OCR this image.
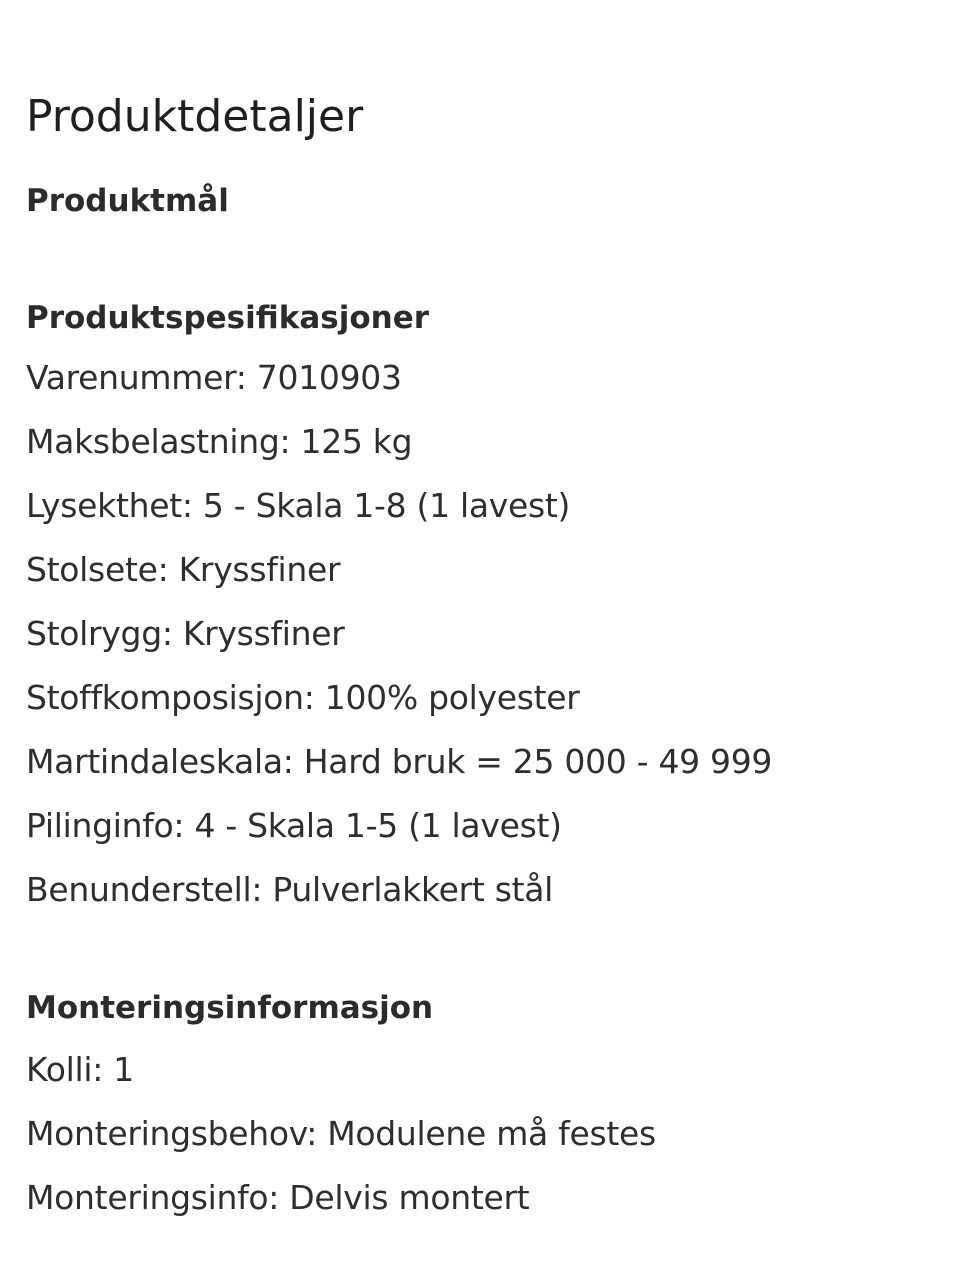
Produktdetaljer
Produktmål
Produktspesifikasjoner
Varenummer: 7010903
Maksbelastning: 125 kg
Lysekthet: 5 - Skala 1-8 (1 lavest)
Stolsete: Kryssfiner
Stolrygg: Kryssfiner
Stoffkomposisjon: 100% polyester
Martindaleskala: Hard bruk = 25 000 - 49 999
Pilinginfo: 4 - Skala 1-5 (1 lavest)
Benunderstell: Pulverlakkert stål
Monteringsinformasjon
Kolli: 1
Monteringsbehov: Modulene må festes
Monteringsinfo: Delvis montert
